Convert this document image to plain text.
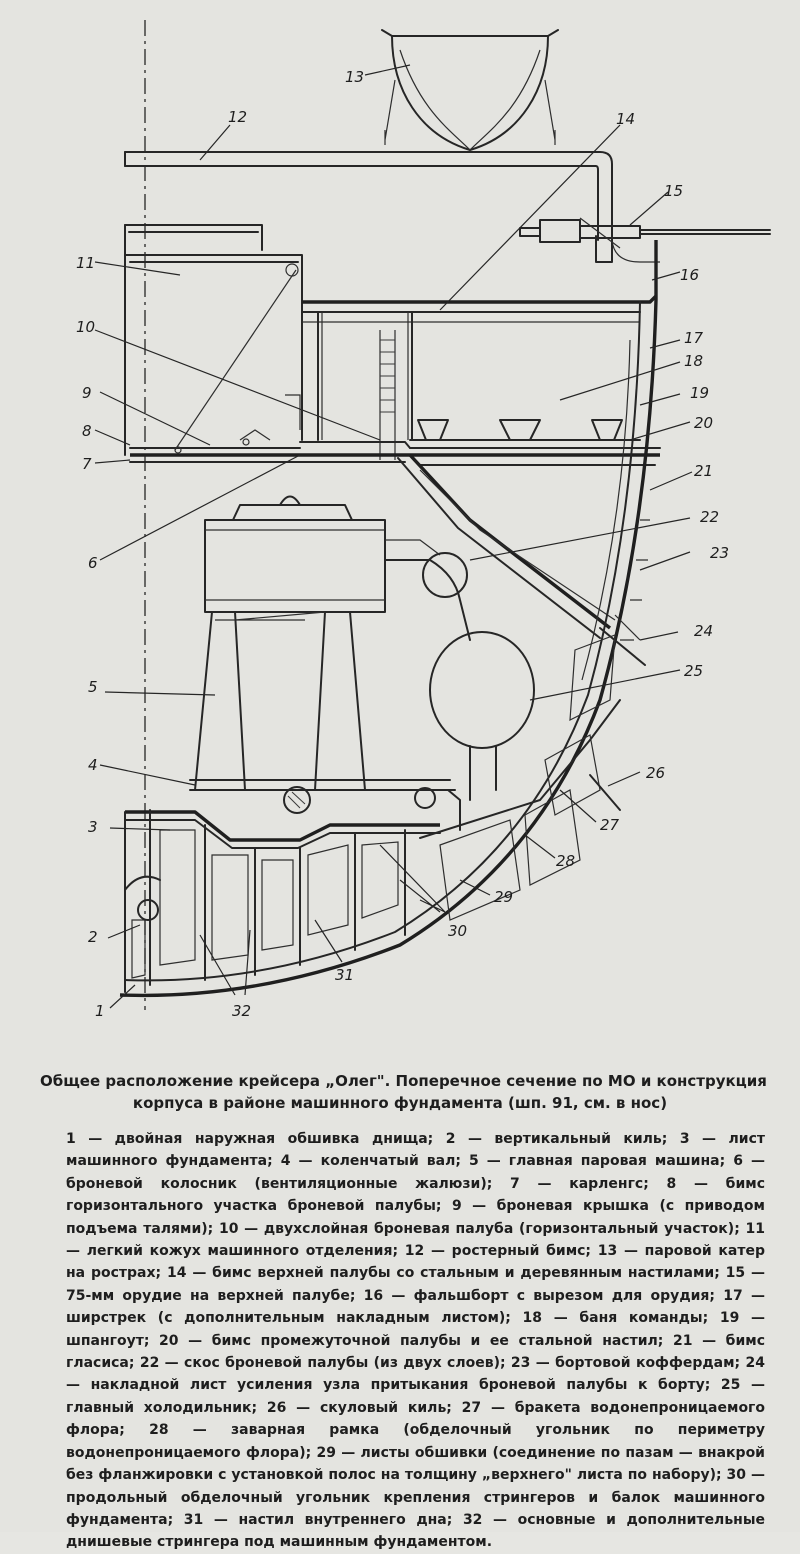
1
2
3
4
5
6
7
8
9
10
11
12
13
14
15
16
17
18
19
20
21
22
23
24
25
26
27
28
29
30
31
32
Общее расположение крейсера „Олег". Поперечное сечение по МО и конструкция
корпуса в районе машинного фундамента (шп. 91, см. в нос)
1 — двойная наружная обшивка днища; 2 — вертикальный киль; 3 — лист машинного фундамента; 4 — коленчатый вал; 5 — главная паровая машина; 6 — броневой колосник (вентиляционные жалюзи); 7 — карленгс; 8 — бимс горизонтального участка броневой палубы; 9 — броневая крышка (с приводом подъема талями); 10 — двухслойная броневая палуба (горизонтальный участок); 11 — легкий кожух машинного отделения; 12 — ростерный бимс; 13 — паровой катер на рострах; 14 — бимс верхней палубы со стальным и деревянным настилами; 15 — 75-мм орудие на верхней палубе; 16 — фальшборт с вырезом для орудия; 17 — ширстрек (с дополнительным накладным листом); 18 — баня команды; 19 — шпангоут; 20 — бимс промежуточной палубы и ее стальной настил; 21 — бимс гласиса; 22 — скос броневой палубы (из двух слоев); 23 — бортовой коффердам; 24 — накладной лист усиления узла притыкания броневой палубы к борту; 25 — главный холодильник; 26 — скуловый киль; 27 — бракета водонепроницаемого флора; 28 — заварная рамка (обделочный угольник по периметру водонепроницаемого флора); 29 — листы обшивки (соединение по пазам — внакрой без фланжировки с установкой полос на толщину „верхнего" листа по набору); 30 — продольный обделочный угольник крепления стрингеров и балок машинного фундамента; 31 — настил внутреннего дна; 32 — основные и дополнительные днишевые стрингера под машинным фундаментом.
